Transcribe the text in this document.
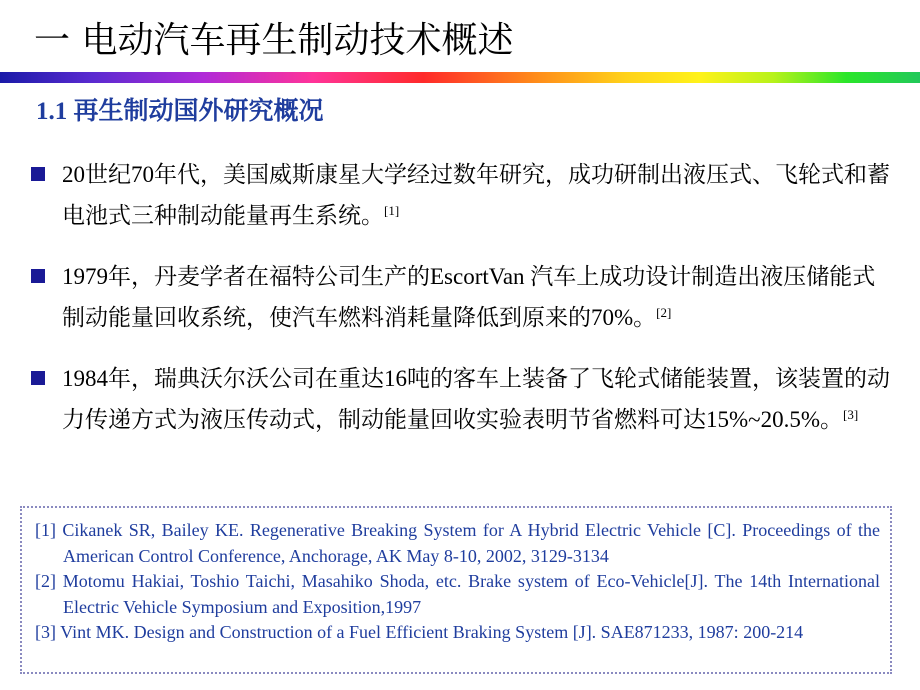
一 电动汽车再生制动技术概述
1.1 再生制动国外研究概况
20世纪70年代，美国威斯康星大学经过数年研究，成功研制出液压式、飞轮式和蓄电池式三种制动能量再生系统。[1]
1979年，丹麦学者在福特公司生产的EscortVan 汽车上成功设计制造出液压储能式制动能量回收系统，使汽车燃料消耗量降低到原来的70%。[2]
1984年，瑞典沃尔沃公司在重达16吨的客车上装备了飞轮式储能装置，该装置的动力传递方式为液压传动式，制动能量回收实验表明节省燃料可达15%~20.5%。[3]
[1] Cikanek SR, Bailey KE. Regenerative Breaking System for A Hybrid Electric Vehicle [C]. Proceedings of the American Control Conference, Anchorage, AK May 8-10, 2002, 3129-3134
[2] Motomu Hakiai, Toshio Taichi, Masahiko Shoda, etc. Brake system of Eco-Vehicle[J]. The 14th International Electric Vehicle Symposium and Exposition,1997
[3] Vint MK. Design and Construction of a Fuel Efficient Braking System [J]. SAE871233, 1987: 200-214
